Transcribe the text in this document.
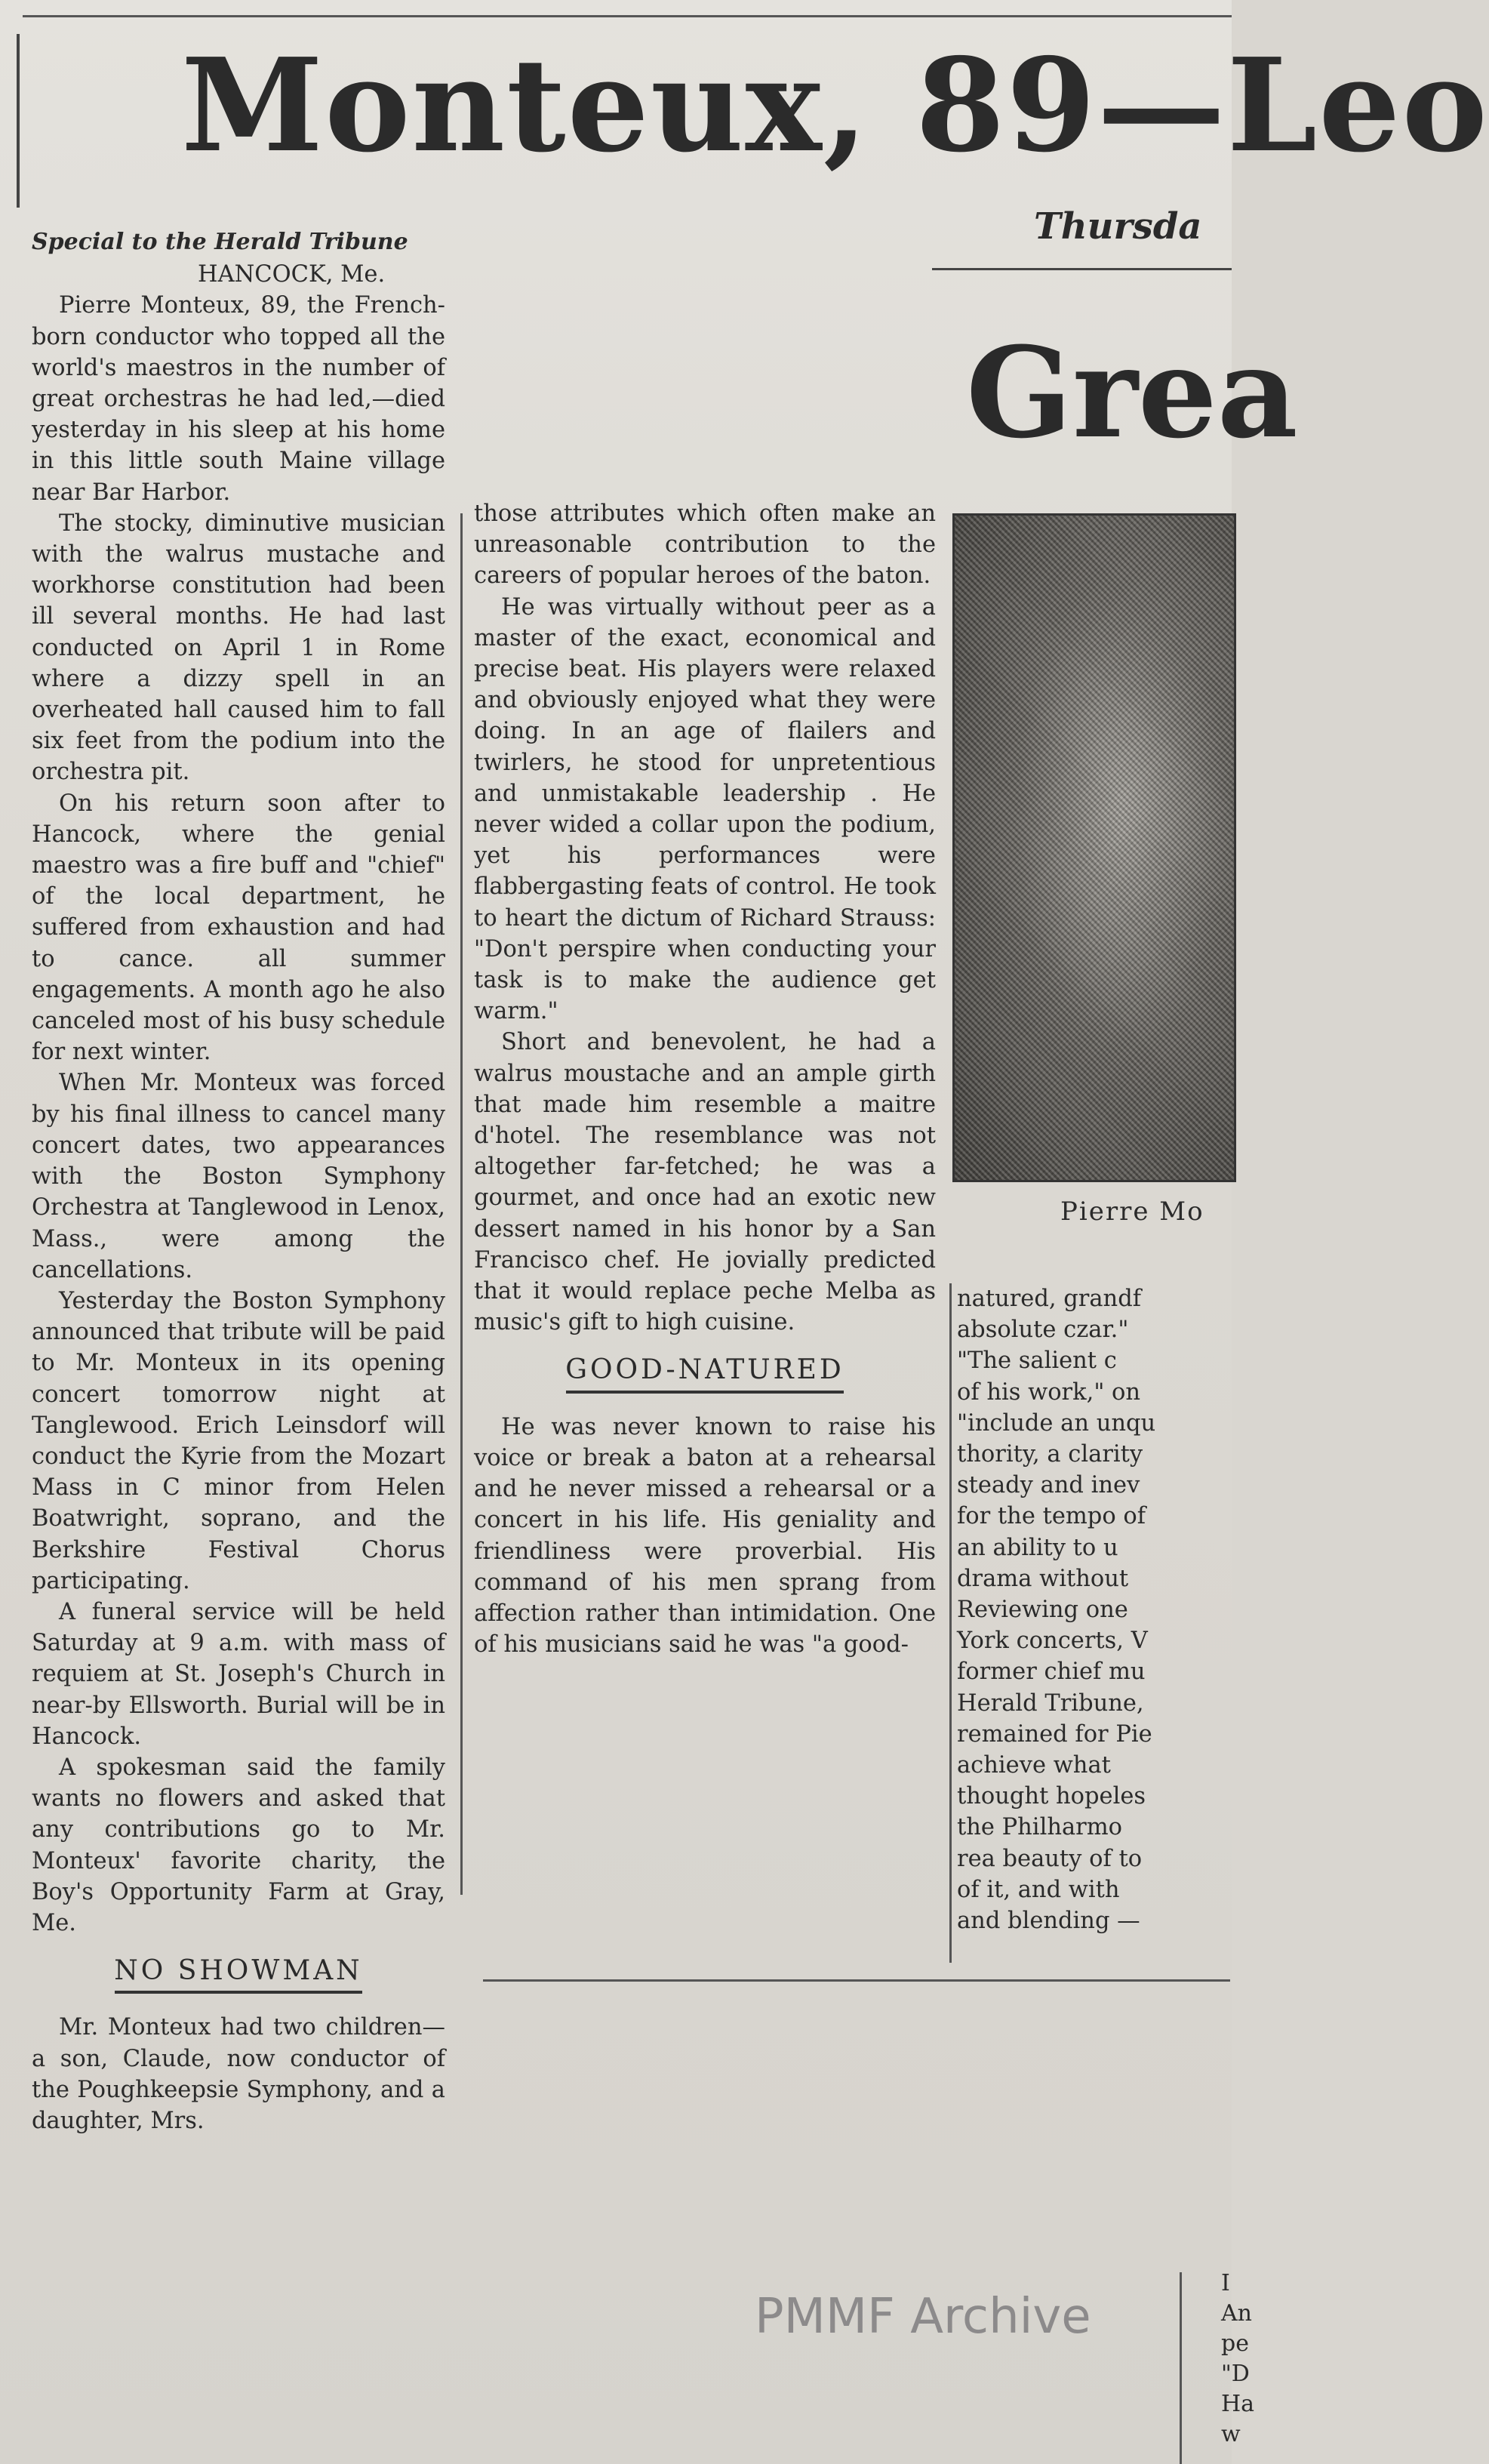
Monteux, 89—Leo
Thursda
Grea

Special to the Herald Tribune

HANCOCK, Me.

Pierre Monteux, 89, the French-born conductor who topped all the world's maestros in the number of great orchestras he had led,—died yesterday in his sleep at his home in this little south Maine village near Bar Harbor.

The stocky, diminutive musician with the walrus mustache and workhorse constitution had been ill several months. He had last conducted on April 1 in Rome where a dizzy spell in an overheated hall caused him to fall six feet from the podium into the orchestra pit.

On his return soon after to Hancock, where the genial maestro was a fire buff and "chief" of the local department, he suffered from exhaustion and had to cance. all summer engagements. A month ago he also canceled most of his busy schedule for next winter.

When Mr. Monteux was forced by his final illness to cancel many concert dates, two appearances with the Boston Symphony Orchestra at Tanglewood in Lenox, Mass., were among the cancellations.

Yesterday the Boston Symphony announced that tribute will be paid to Mr. Monteux in its opening concert tomorrow night at Tanglewood. Erich Leinsdorf will conduct the Kyrie from the Mozart Mass in C minor from Helen Boatwright, soprano, and the Berkshire Festival Chorus participating.

A funeral service will be held Saturday at 9 a.m. with mass of requiem at St. Joseph's Church in near-by Ellsworth. Burial will be in Hancock.

A spokesman said the family wants no flowers and asked that any contributions go to Mr. Monteux' favorite charity, the Boy's Opportunity Farm at Gray, Me.

NO SHOWMAN

Mr. Monteux had two children—a son, Claude, now conductor of the Poughkeepsie Symphony, and a daughter, Mrs.

those attributes which often make an unreasonable contribution to the careers of popular heroes of the baton.

He was virtually without peer as a master of the exact, economical and precise beat. His players were relaxed and obviously enjoyed what they were doing. In an age of flailers and twirlers, he stood for unpretentious and unmistakable leadership . He never wided a collar upon the podium, yet his performances were flabbergasting feats of control. He took to heart the dictum of Richard Strauss: "Don't perspire when conducting your task is to make the audience get warm."

Short and benevolent, he had a walrus moustache and an ample girth that made him resemble a maitre d'hotel. The resemblance was not altogether far-fetched; he was a gourmet, and once had an exotic new dessert named in his honor by a San Francisco chef. He jovially predicted that it would replace peche Melba as music's gift to high cuisine.

GOOD-NATURED

He was never known to raise his voice or break a baton at a rehearsal and he never missed a rehearsal or a concert in his life. His geniality and friendliness were proverbial. His command of his men sprang from affection rather than intimidation. One of his musicians said he was "a good-

Pierre Mo

natured, grandf

absolute czar."

"The salient c

of his work," on

"include an unqu

thority, a clarity

steady and inev

for the tempo of

an ability to u

drama without

Reviewing one

York concerts, V

former chief mu

Herald Tribune,

remained for Pie

achieve what

thought hopeles

the Philharmo

rea beauty of to

of it, and with

and blending —

I
An
pe
"D
Ha
w
PMMF Archive
